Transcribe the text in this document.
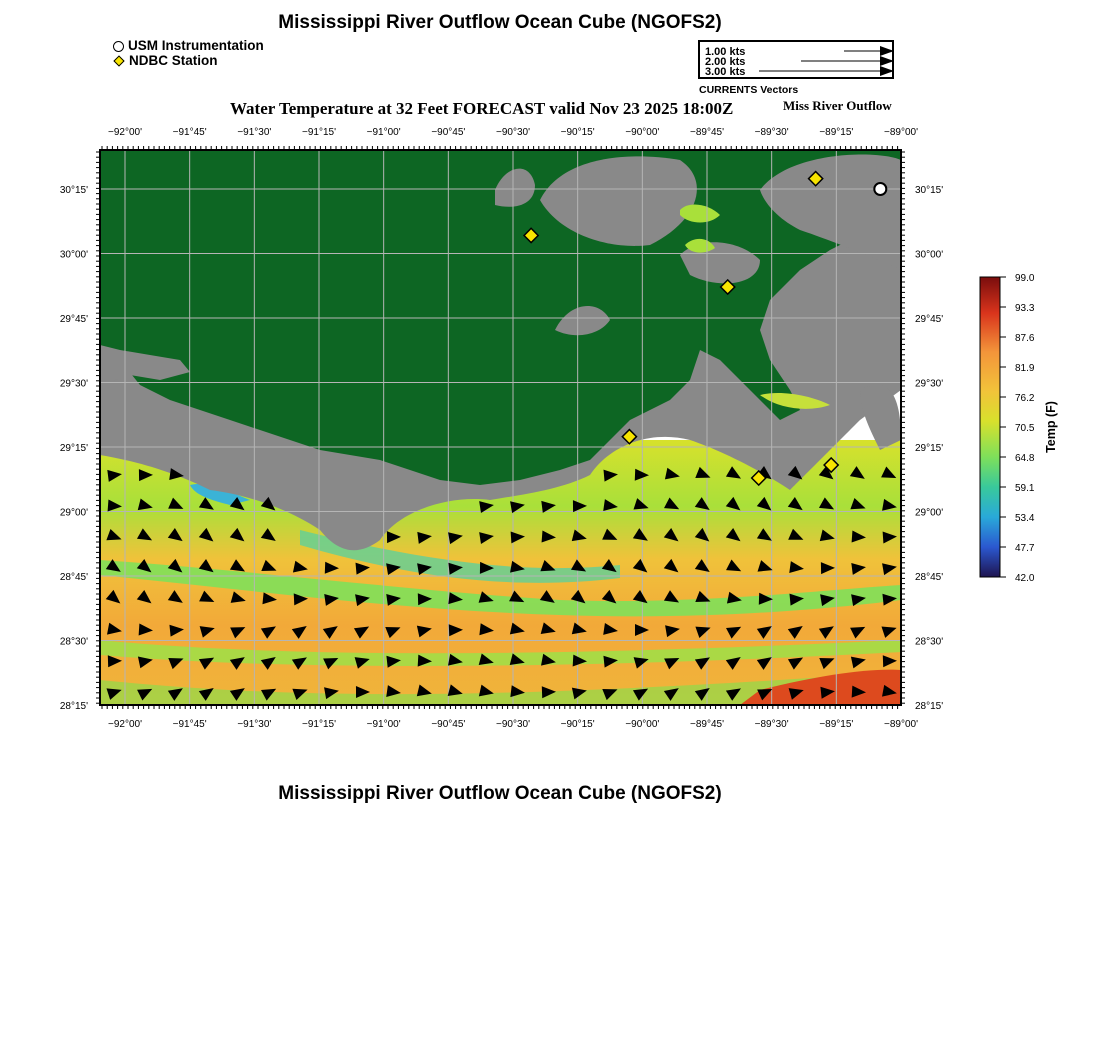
Mississippi River Outflow Ocean Cube (NGOFS2)
USM Instrumentation
NDBC Station
1.00 kts
2.00 kts
3.00 kts
CURRENTS Vectors
Water Temperature at 32 Feet FORECAST valid Nov 23 2025 18:00Z	Miss River Outflow
−92°00'	−91°45'	−91°30'	−91°15'	−91°00'	−90°45'	−90°30'	−90°15'	−90°00'	−89°45'	−89°30'	−89°15'	−89°00'
−92°00'	−91°45'	−91°30'	−91°15'	−91°00'	−90°45'	−90°30'	−90°15'	−90°00'	−89°45'	−89°30'	−89°15'	−89°00'
30°15'
30°00'
29°45'
29°30'
29°15'
29°00'
28°45'
28°30'
28°15'
30°15'
30°00'
29°45'
29°30'
29°15'
29°00'
28°45'
28°30'
28°15'
99.0
93.3
87.6
81.9
76.2
70.5
64.8
59.1
53.4
47.7
42.0
Temp (F)
Mississippi River Outflow Ocean Cube (NGOFS2)
